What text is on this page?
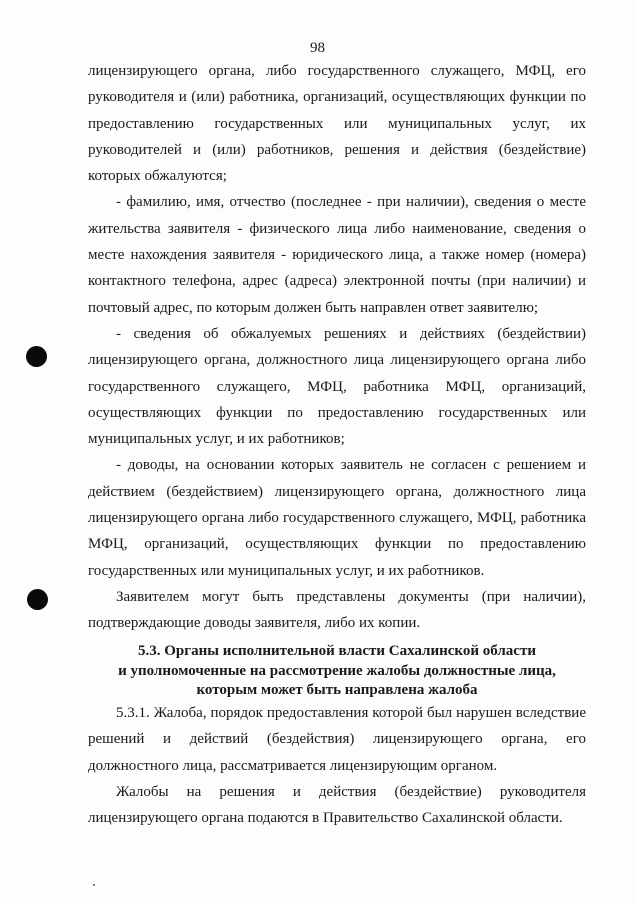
98

лицензирующего органа, либо государственного служащего, МФЦ, его руководителя и (или) работника, организаций, осуществляющих функции по предоставлению государственных или муниципальных услуг, их руководителей и (или) работников, решения и действия (бездействие) которых обжалуются;

- фамилию, имя, отчество (последнее - при наличии), сведения о месте жительства заявителя - физического лица либо наименование, сведения о месте нахождения заявителя - юридического лица, а также номер (номера) контактного телефона, адрес (адреса) электронной почты (при наличии) и почтовый адрес, по которым должен быть направлен ответ заявителю;

- сведения об обжалуемых решениях и действиях (бездействии) лицензирующего органа, должностного лица лицензирующего органа либо государственного служащего, МФЦ, работника МФЦ, организаций, осуществляющих функции по предоставлению государственных или муниципальных услуг, и их работников;

- доводы, на основании которых заявитель не согласен с решением и действием (бездействием) лицензирующего органа, должностного лица лицензирующего органа либо государственного служащего, МФЦ, работника МФЦ, организаций, осуществляющих функции по предоставлению государственных или муниципальных услуг, и их работников.

Заявителем могут быть представлены документы (при наличии), подтверждающие доводы заявителя, либо их копии.

5.3. Органы исполнительной власти Сахалинской области
и уполномоченные на рассмотрение жалобы должностные лица,
которым может быть направлена жалоба

5.3.1. Жалоба, порядок предоставления которой был нарушен вследствие решений и действий (бездействия) лицензирующего органа, его должностного лица, рассматривается лицензирующим органом.

Жалобы на решения и действия (бездействие) руководителя лицензирующего органа подаются в Правительство Сахалинской области.
